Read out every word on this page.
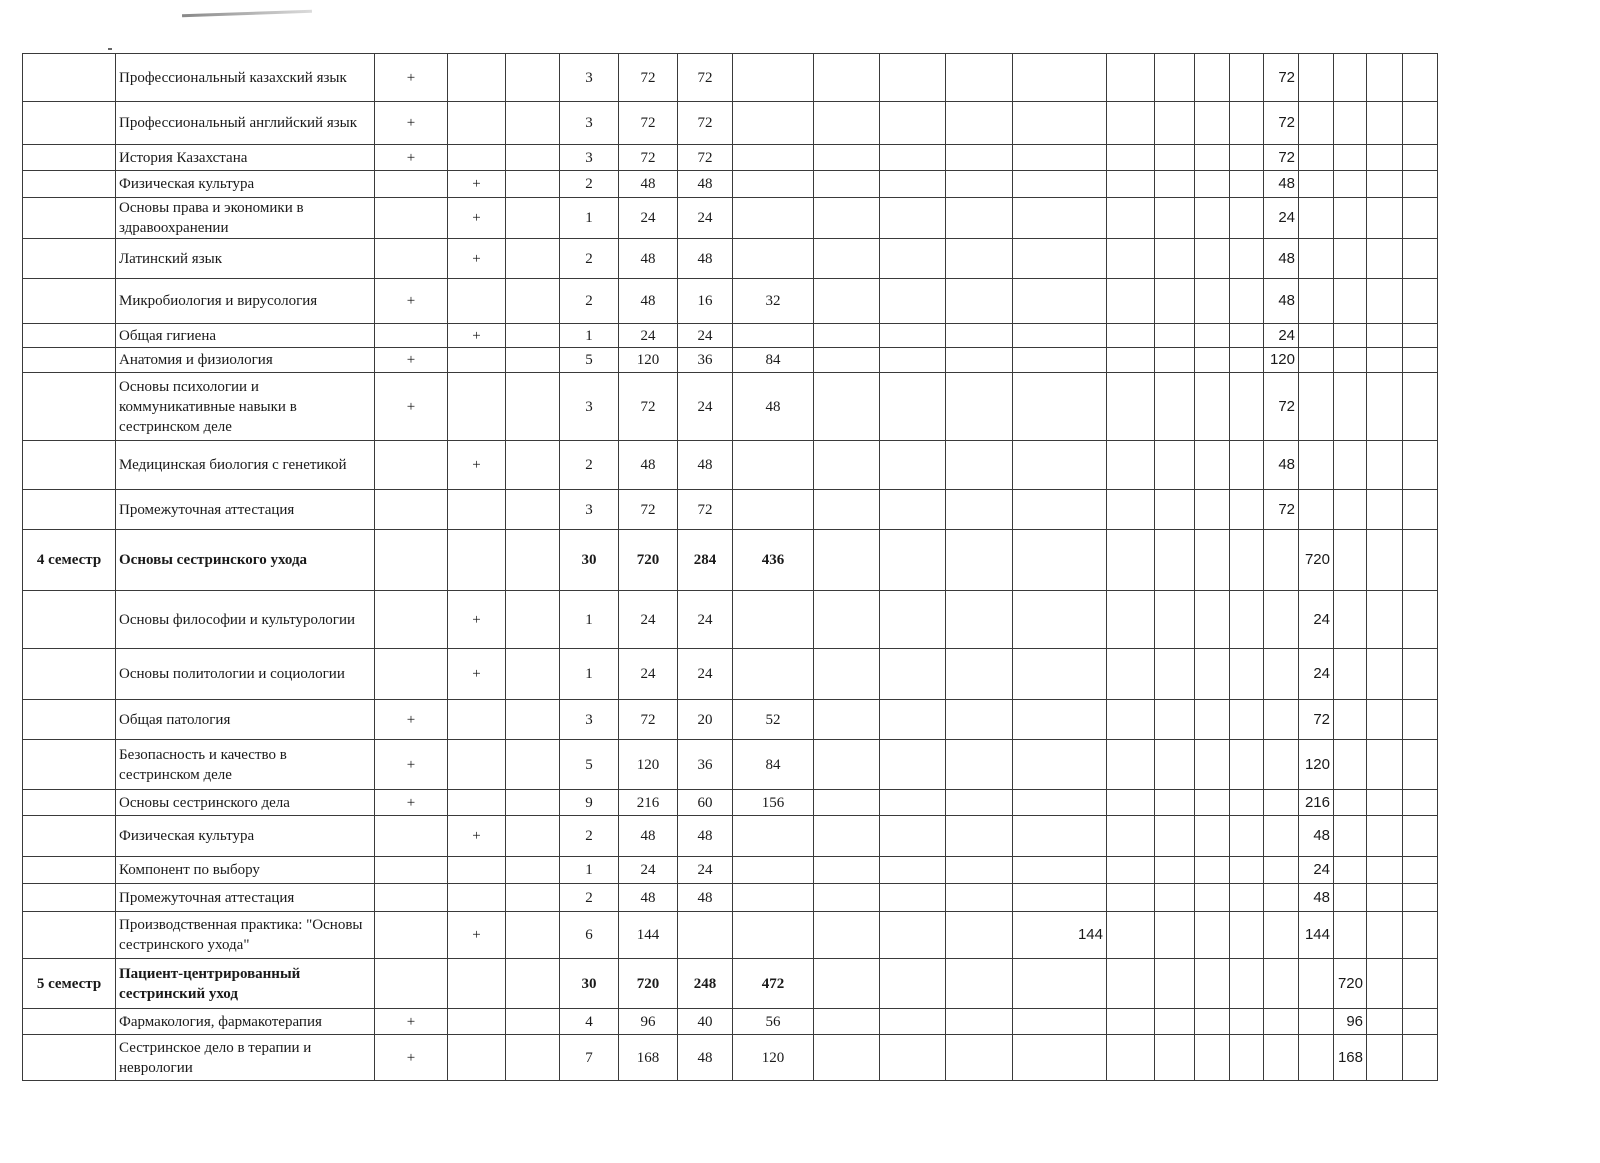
	Профессиональный казахский язык	+			3	72	72										72				
	Профессиональный английский язык	+			3	72	72										72				
	История Казахстана	+			3	72	72										72				
	Физическая культура		+		2	48	48										48				
	Основы права и экономики в здравоохранении		+		1	24	24										24				
	Латинский язык		+		2	48	48										48				
	Микробиология и вирусология	+			2	48	16	32									48				
	Общая гигиена		+		1	24	24										24				
	Анатомия и физиология	+			5	120	36	84									120				
	Основы психологии и коммуникативные навыки в сестринском деле	+			3	72	24	48									72				
	Медицинская биология с генетикой		+		2	48	48										48				
	Промежуточная аттестация				3	72	72										72				
4 семестр	Основы сестринского ухода				30	720	284	436										720			
	Основы философии и культурологии		+		1	24	24											24			
	Основы политологии и социологии		+		1	24	24											24			
	Общая патология	+			3	72	20	52										72			
	Безопасность и качество в сестринском деле	+			5	120	36	84										120			
	Основы сестринского дела	+			9	216	60	156										216			
	Физическая культура		+		2	48	48											48			
	Компонент по выбору				1	24	24											24			
	Промежуточная аттестация				2	48	48											48			
	Производственная практика: "Основы сестринского ухода"		+		6	144						144						144			
5 семестр	Пациент-центрированный сестринский уход				30	720	248	472											720		
	Фармакология, фармакотерапия	+			4	96	40	56											96		
	Сестринское дело в терапии и неврологии	+			7	168	48	120											168		
